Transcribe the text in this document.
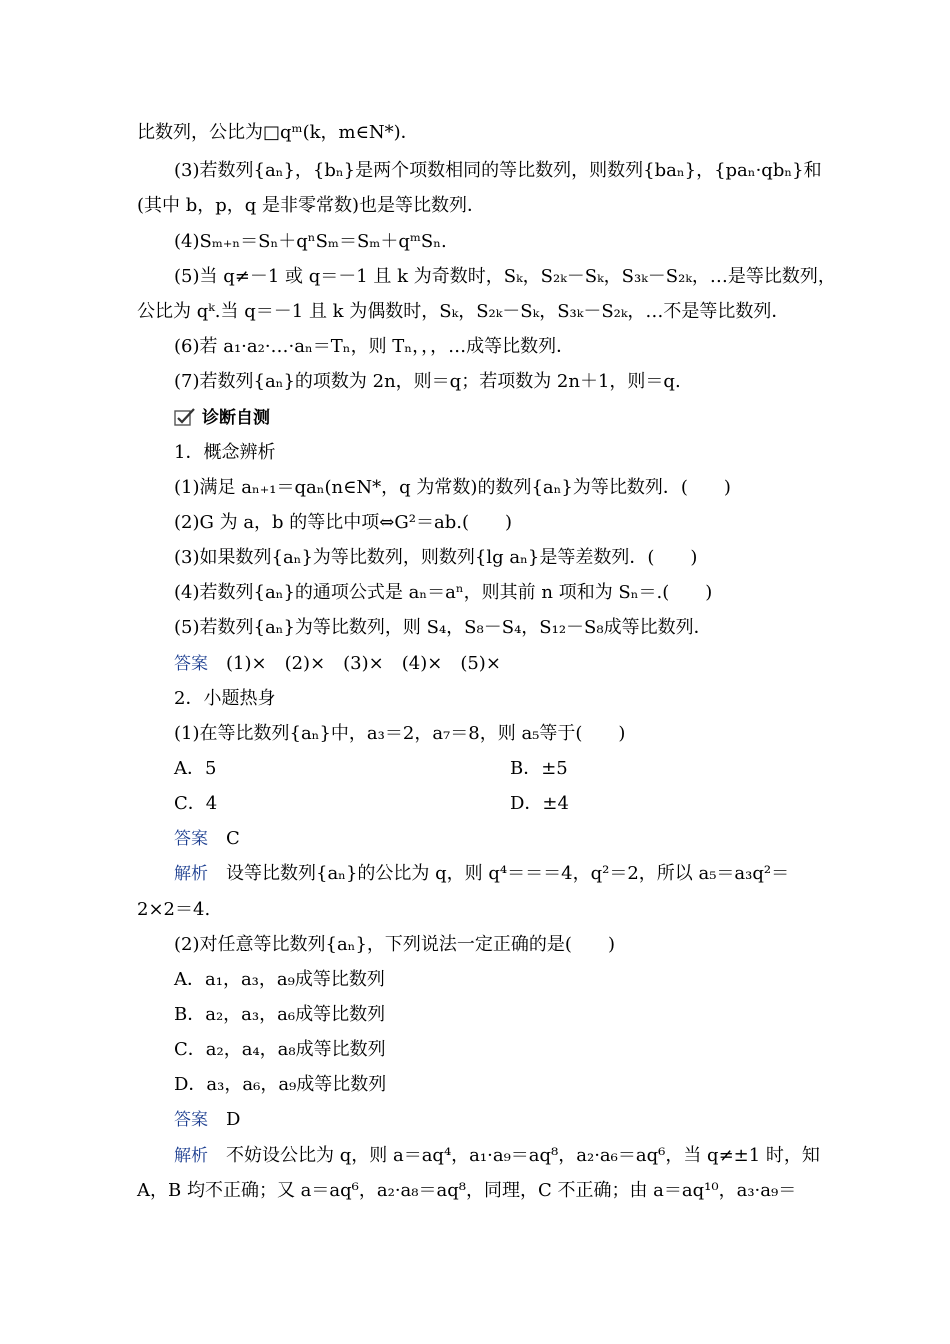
比数列，公比为□qᵐ(k，m∈N*)．
(3)若数列{aₙ}，{bₙ}是两个项数相同的等比数列，则数列{baₙ}，{paₙ·qbₙ}和
(其中 b，p，q 是非零常数)也是等比数列．
(4)Sₘ₊ₙ＝Sₙ＋qⁿSₘ＝Sₘ＋qᵐSₙ.
(5)当 q≠－1 或 q＝－1 且 k 为奇数时，Sₖ，S₂ₖ－Sₖ，S₃ₖ－S₂ₖ，…是等比数列，
公比为 qᵏ.当 q＝－1 且 k 为偶数时，Sₖ，S₂ₖ－Sₖ，S₃ₖ－S₂ₖ，…不是等比数列．
(6)若 a₁·a₂·…·aₙ＝Tₙ，则 Tₙ，，，…成等比数列．
(7)若数列{aₙ}的项数为 2n，则＝q；若项数为 2n＋1，则＝q.
诊断自测
1．概念辨析
(1)满足 aₙ₊₁＝qaₙ(n∈N*，q 为常数)的数列{aₙ}为等比数列．(　　)
(2)G 为 a，b 的等比中项⇔G²＝ab.(　　)
(3)如果数列{aₙ}为等比数列，则数列{lg aₙ}是等差数列．(　　)
(4)若数列{aₙ}的通项公式是 aₙ＝aⁿ，则其前 n 项和为 Sₙ＝.(　　)
(5)若数列{aₙ}为等比数列，则 S₄，S₈－S₄，S₁₂－S₈成等比数列．
答案 (1)×　(2)×　(3)×　(4)×　(5)×
2．小题热身
(1)在等比数列{aₙ}中，a₃＝2，a₇＝8，则 a₅等于(　　)
A．5	B．±5
C．4	D．±4
答案 C
解析 设等比数列{aₙ}的公比为 q，则 q⁴＝＝＝4，q²＝2，所以 a₅＝a₃q²＝
2×2＝4.
(2)对任意等比数列{aₙ}，下列说法一定正确的是(　　)
A．a₁，a₃，a₉成等比数列
B．a₂，a₃，a₆成等比数列
C．a₂，a₄，a₈成等比数列
D．a₃，a₆，a₉成等比数列
答案 D
解析 不妨设公比为 q，则 a＝aq⁴，a₁·a₉＝aq⁸，a₂·a₆＝aq⁶，当 q≠±1 时，知
A，B 均不正确；又 a＝aq⁶，a₂·a₈＝aq⁸，同理，C 不正确；由 a＝aq¹⁰，a₃·a₉＝
